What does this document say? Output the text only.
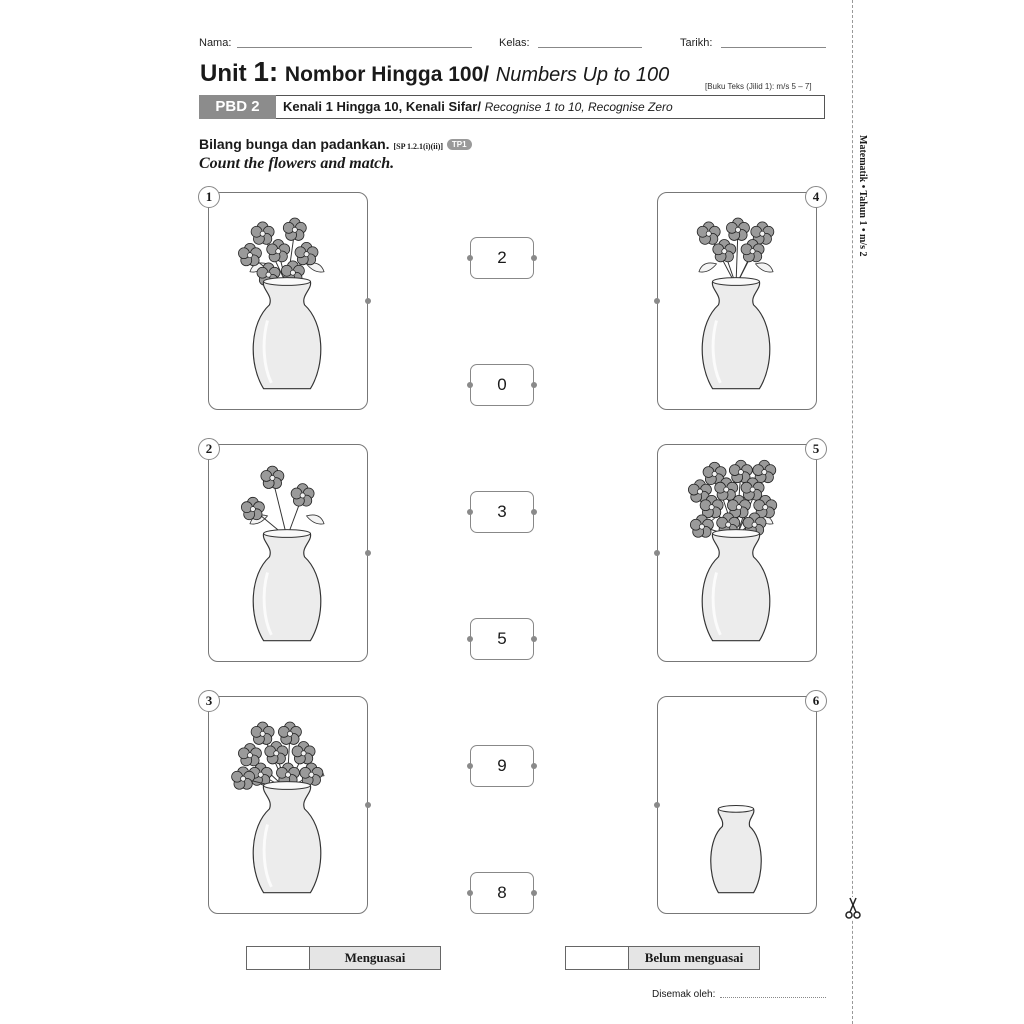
Nama:	Kelas:	Tarikh:
Unit 1: Nombor Hingga 100/ Numbers Up to 100
[Buku Teks (Jilid 1): m/s 5 – 7]
PBD 2	Kenali 1 Hingga 10, Kenali Sifar/ Recognise 1 to 10, Recognise Zero
Bilang bunga dan padankan. [SP 1.2.1(i)(ii)] TP1
Count the flowers and match.
1
2
3
4
5
6
2
0
3
5
9
8
Menguasai	Belum menguasai
Disemak oleh:
Matematik • Tahun 1 • m/s 2
